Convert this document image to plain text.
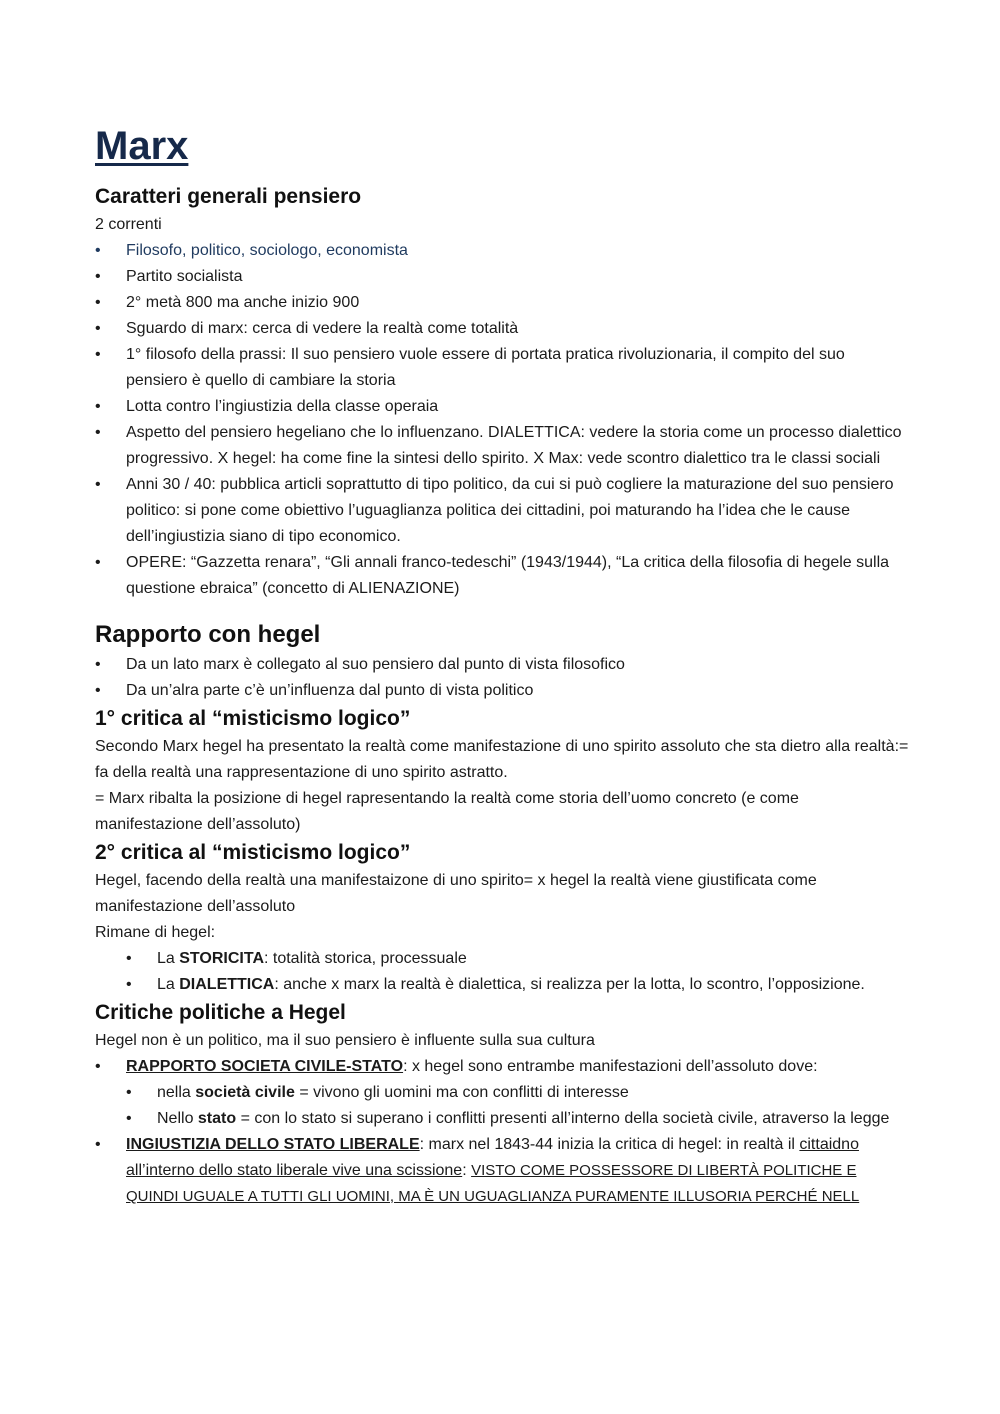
Marx
Caratteri generali pensiero

2 correnti

• Filosofo, politico, sociologo, economista
• Partito socialista
• 2° metà 800 ma anche inizio 900
• Sguardo di marx: cerca di vedere la realtà come totalità
• 1° filosofo della prassi: Il suo pensiero vuole essere di portata pratica rivoluzionaria, il compito del suo pensiero è quello di cambiare la storia
• Lotta contro l’ingiustizia della classe operaia
• Aspetto del pensiero hegeliano che lo influenzano. DIALETTICA: vedere la storia come un processo dialettico progressivo. X hegel: ha come fine la sintesi dello spirito. X Max: vede scontro dialettico tra le classi sociali
• Anni 30 / 40: pubblica articli soprattutto di tipo politico, da cui si può cogliere la maturazione del suo pensiero politico: si pone come obiettivo l’uguaglianza politica dei cittadini, poi maturando ha l’idea che le cause dell’ingiustizia siano di tipo economico.
• OPERE: “Gazzetta renara”, “Gli annali franco-tedeschi” (1943/1944), “La critica della filosofia di hegele sulla questione ebraica” (concetto di ALIENAZIONE)
Rapporto con hegel
• Da un lato marx è collegato al suo pensiero dal punto di vista filosofico
• Da un’alra parte c’è un’influenza dal punto di vista politico
1° critica al “misticismo logico”

Secondo Marx hegel ha presentato la realtà come manifestazione di uno spirito assoluto che sta dietro alla realtà:= fa della realtà una rappresentazione di uno spirito astratto.

= Marx ribalta la posizione di hegel rapresentando la realtà come storia dell’uomo concreto (e come manifestazione dell’assoluto)

2° critica al “misticismo logico”

Hegel, facendo della realtà una manifestaizone di uno spirito= x hegel la realtà viene giustificata come manifestazione dell’assoluto

Rimane di hegel:

• La STORICITA: totalità storica, processuale
• La DIALETTICA: anche x marx la realtà è dialettica, si realizza per la lotta, lo scontro, l’opposizione.
Critiche politiche a Hegel

Hegel non è un politico, ma il suo pensiero è influente sulla sua cultura

• RAPPORTO SOCIETA CIVILE-STATO: x hegel sono entrambe manifestazioni dell’assoluto dove:
• nella società civile = vivono gli uomini ma con conflitti di interesse
• Nello stato = con lo stato si superano i conflitti presenti all’interno della società civile, atraverso la legge
• INGIUSTIZIA DELLO STATO LIBERALE: marx nel 1843-44 inizia la critica di hegel: in realtà il cittaidno all’interno dello stato liberale vive una scissione: VISTO COME POSSESSORE DI LIBERTÀ POLITICHE E QUINDI UGUALE A TUTTI GLI UOMINI, MA È UN UGUAGLIANZA PURAMENTE ILLUSORIA PERCHÉ NELL
